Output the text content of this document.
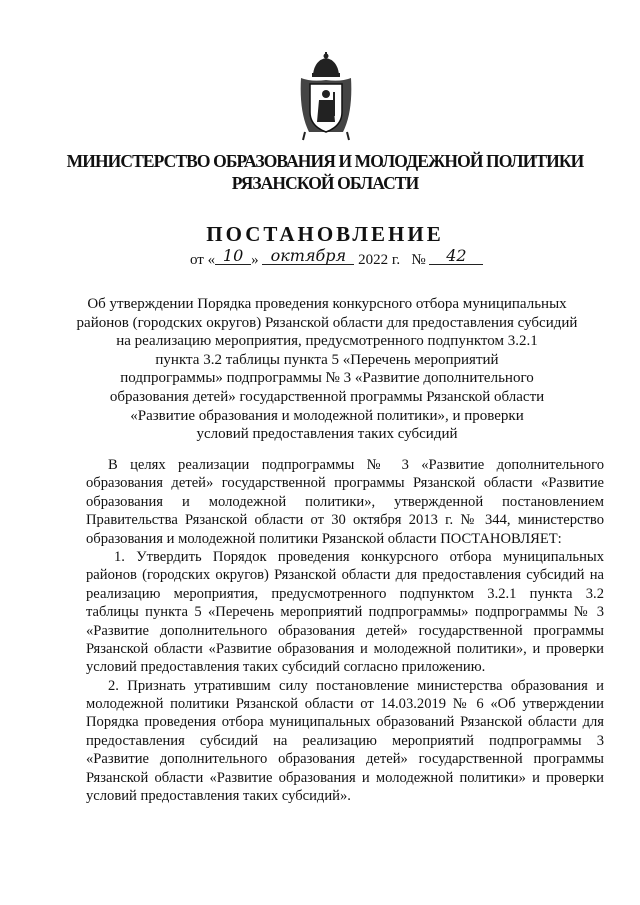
МИНИСТЕРСТВО ОБРАЗОВАНИЯ И МОЛОДЕЖНОЙ ПОЛИТИКИ
РЯЗАНСКОЙ ОБЛАСТИ
ПОСТАНОВЛЕНИЕ
от « 10 » октября 2022 г. № 42
Об утверждении Порядка проведения конкурсного отбора муниципальных
районов (городских округов) Рязанской области для предоставления субсидий
на реализацию мероприятия, предусмотренного подпунктом 3.2.1
пункта 3.2 таблицы пункта 5 «Перечень мероприятий
подпрограммы» подпрограммы № 3 «Развитие дополнительного
образования детей» государственной программы Рязанской области
«Развитие образования и молодежной политики», и проверки
условий предоставления таких субсидий
В целях реализации подпрограммы № 3 «Развитие дополнительного
образования детей» государственной программы Рязанской области «Развитие
образования и молодежной политики», утвержденной постановлением
Правительства Рязанской области от 30 октября 2013 г. № 344, министерство
образования и молодежной политики Рязанской области ПОСТАНОВЛЯЕТ:
1. Утвердить Порядок проведения конкурсного отбора муниципальных
районов (городских округов) Рязанской области для предоставления субсидий на
реализацию мероприятия, предусмотренного подпунктом 3.2.1 пункта 3.2
таблицы пункта 5 «Перечень мероприятий подпрограммы» подпрограммы № 3
«Развитие дополнительного образования детей» государственной программы
Рязанской области «Развитие образования и молодежной политики», и проверки
условий предоставления таких субсидий согласно приложению.
2. Признать утратившим силу постановление министерства образования и
молодежной политики Рязанской области от 14.03.2019 № 6 «Об утверждении
Порядка проведения отбора муниципальных образований Рязанской области для
предоставления субсидий на реализацию мероприятий подпрограммы 3
«Развитие дополнительного образования детей» государственной программы
Рязанской области «Развитие образования и молодежной политики» и проверки
условий предоставления таких субсидий».
